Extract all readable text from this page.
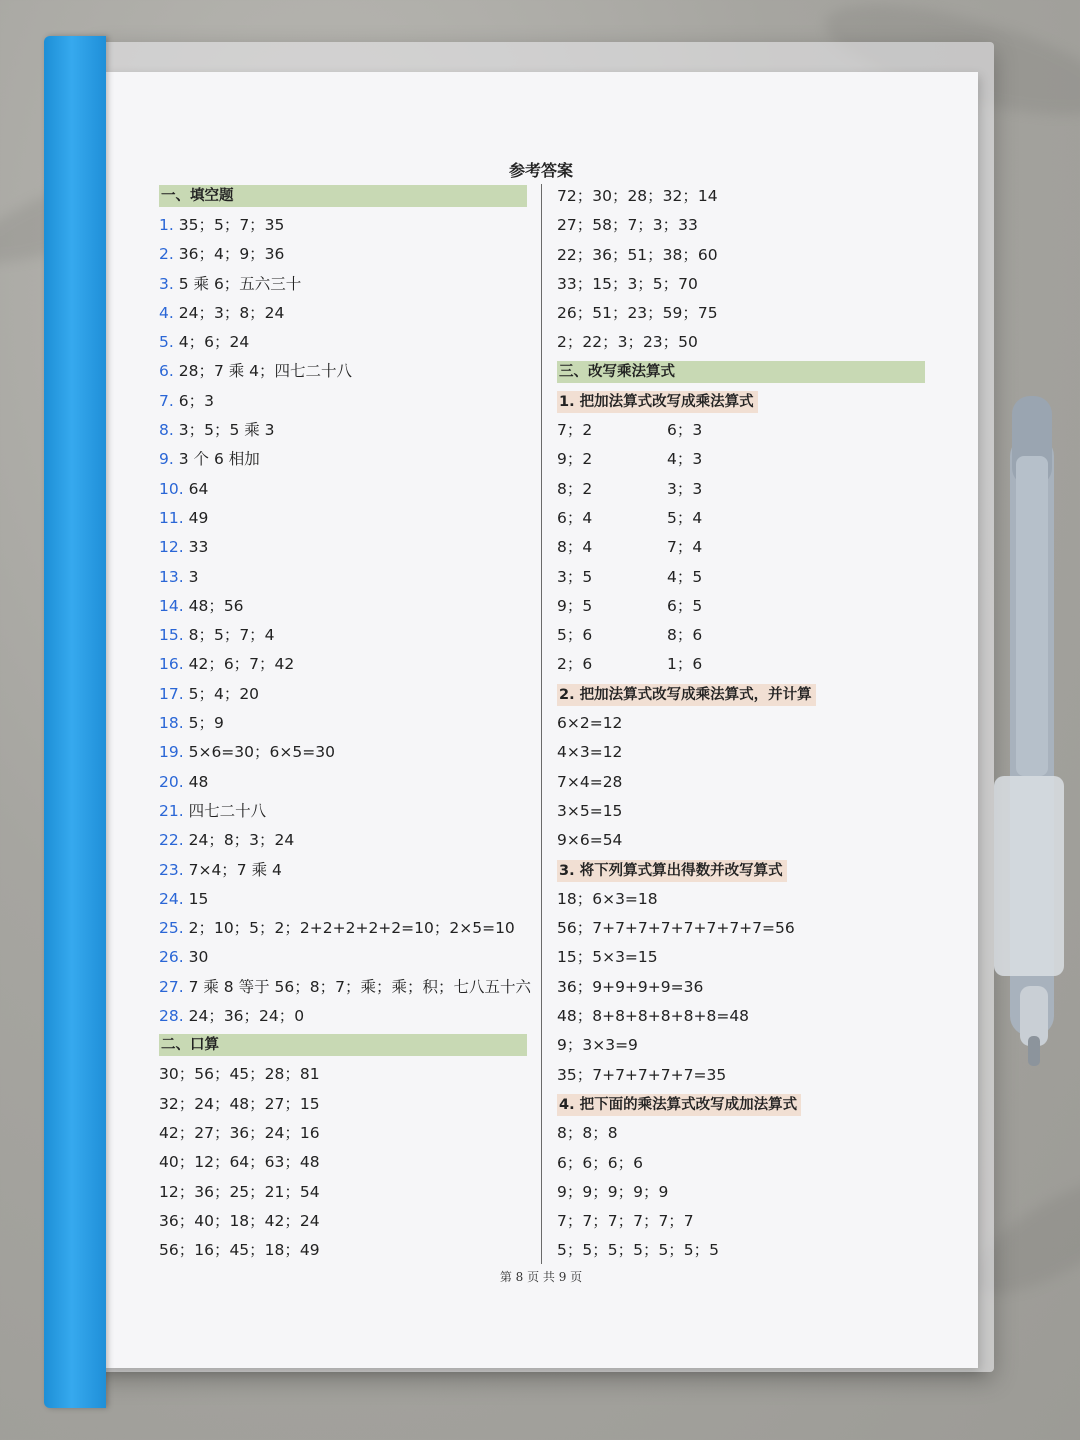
参考答案
一、填空题
1. 35；5；7；35
2. 36；4；9；36
3. 5 乘 6；五六三十
4. 24；3；8；24
5. 4；6；24
6. 28；7 乘 4；四七二十八
7. 6；3
8. 3；5；5 乘 3
9. 3 个 6 相加
10. 64
11. 49
12. 33
13. 3
14. 48；56
15. 8；5；7；4
16. 42；6；7；42
17. 5；4；20
18. 5；9
19. 5×6=30；6×5=30
20. 48
21. 四七二十八
22. 24；8；3；24
23. 7×4；7 乘 4
24. 15
25. 2；10；5；2；2+2+2+2+2=10；2×5=10
26. 30
27. 7 乘 8 等于 56；8；7；乘；乘；积；七八五十六
28. 24；36；24；0
二、口算
30；56；45；28；81
32；24；48；27；15
42；27；36；24；16
40；12；64；63；48
12；36；25；21；54
36；40；18；42；24
56；16；45；18；49
72；30；28；32；14
27；58；7；3；33
22；36；51；38；60
33；15；3；5；70
26；51；23；59；75
2；22；3；23；50
三、改写乘法算式
1. 把加法算式改写成乘法算式
7；2	6；3
9；2	4；3
8；2	3；3
6；4	5；4
8；4	7；4
3；5	4；5
9；5	6；5
5；6	8；6
2；6	1；6
2. 把加法算式改写成乘法算式，并计算
6×2=12
4×3=12
7×4=28
3×5=15
9×6=54
3. 将下列算式算出得数并改写算式
18；6×3=18
56；7+7+7+7+7+7+7+7=56
15；5×3=15
36；9+9+9+9=36
48；8+8+8+8+8+8=48
9；3×3=9
35；7+7+7+7+7=35
4. 把下面的乘法算式改写成加法算式
8；8；8
6；6；6；6
9；9；9；9；9
7；7；7；7；7；7
5；5；5；5；5；5；5
第 8 页 共 9 页
